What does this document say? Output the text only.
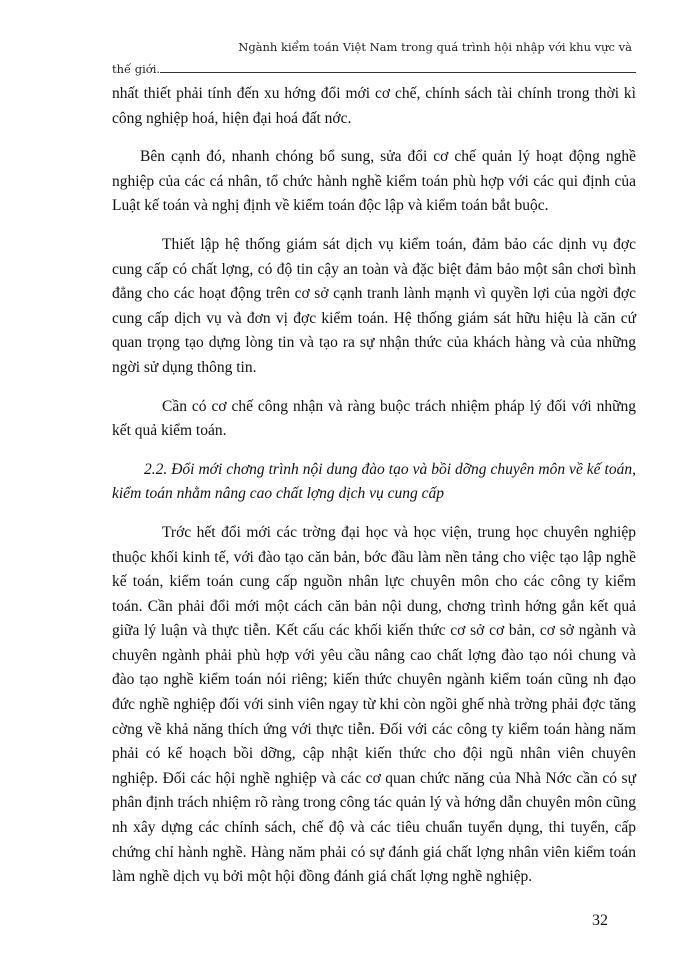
Ngành kiểm toán Việt Nam trong quá trình hội nhập với khu vực và
thế giới.

nhất thiết phải tính đến xu hớng đổi mới cơ chế, chính sách tài chính trong thời kì công nghiệp hoá, hiện đại hoá đất nớc.

Bên cạnh đó, nhanh chóng bổ sung, sửa đổi cơ chế quản lý hoạt động nghề nghiệp của các cá nhân, tổ chức hành nghề kiểm toán phù hợp với các qui định của Luật kế toán và nghị định về kiểm toán độc lập và kiểm toán bắt buộc.

Thiết lập hệ thống giám sát dịch vụ kiểm toán, đảm bảo các dịnh vụ đợc cung cấp có chất lợng, có độ tin cậy an toàn và đặc biệt đảm bảo một sân chơi bình đẳng cho các hoạt động trên cơ sở cạnh tranh lành mạnh vì quyền lợi của ngời đợc cung cấp dịch vụ và đơn vị đợc kiểm toán. Hệ thống giám sát hữu hiệu là căn cứ quan trọng tạo dựng lòng tin và tạo ra sự nhận thức của khách hàng và của những ngời sử dụng thông tin.

Cần có cơ chế công nhận và ràng buộc trách nhiệm pháp lý đối với những kết quả kiểm toán.

2.2. Đổi mới chơng trình nội dung đào tạo và bồi dỡng chuyên môn về kế toán, kiểm toán nhằm nâng cao chất lợng dịch vụ cung cấp

Trớc hết đổi mới các trờng đại học và học viện, trung học chuyên nghiệp thuộc khối kinh tế, với đào tạo căn bản, bớc đầu làm nền tảng cho việc tạo lập nghề kế toán, kiểm toán cung cấp nguồn nhân lực chuyên môn cho các công ty kiểm toán. Cần phải đổi mới một cách căn bản nội dung, chơng trình hớng gắn kết quả giữa lý luận và thực tiễn. Kết cấu các khối kiến thức cơ sở cơ bản, cơ sở ngành và chuyên ngành phải phù hợp với yêu cầu nâng cao chất lợng đào tạo nói chung và đào tạo nghề kiểm toán nói riêng; kiến thức chuyên ngành kiểm toán cũng nh đạo đức nghề nghiệp đối với sinh viên ngay từ khi còn ngồi ghế nhà trờng phải đợc tăng cờng về khả năng thích ứng với thực tiễn. Đối với các công ty kiểm toán hàng năm phải có kế hoạch bồi dỡng, cập nhật kiến thức cho đội ngũ nhân viên chuyên nghiệp. Đối các hội nghề nghiệp và các cơ quan chức năng của Nhà Nớc cần có sự phân định trách nhiệm rõ ràng trong công tác quản lý và hớng dẫn chuyên môn cũng nh xây dựng các chính sách, chế độ và các tiêu chuẩn tuyển dụng, thi tuyển, cấp chứng chỉ hành nghề. Hàng năm phải có sự đánh giá chất lợng nhân viên kiểm toán làm nghề dịch vụ bởi một hội đồng đánh giá chất lợng nghề nghiệp.

32
